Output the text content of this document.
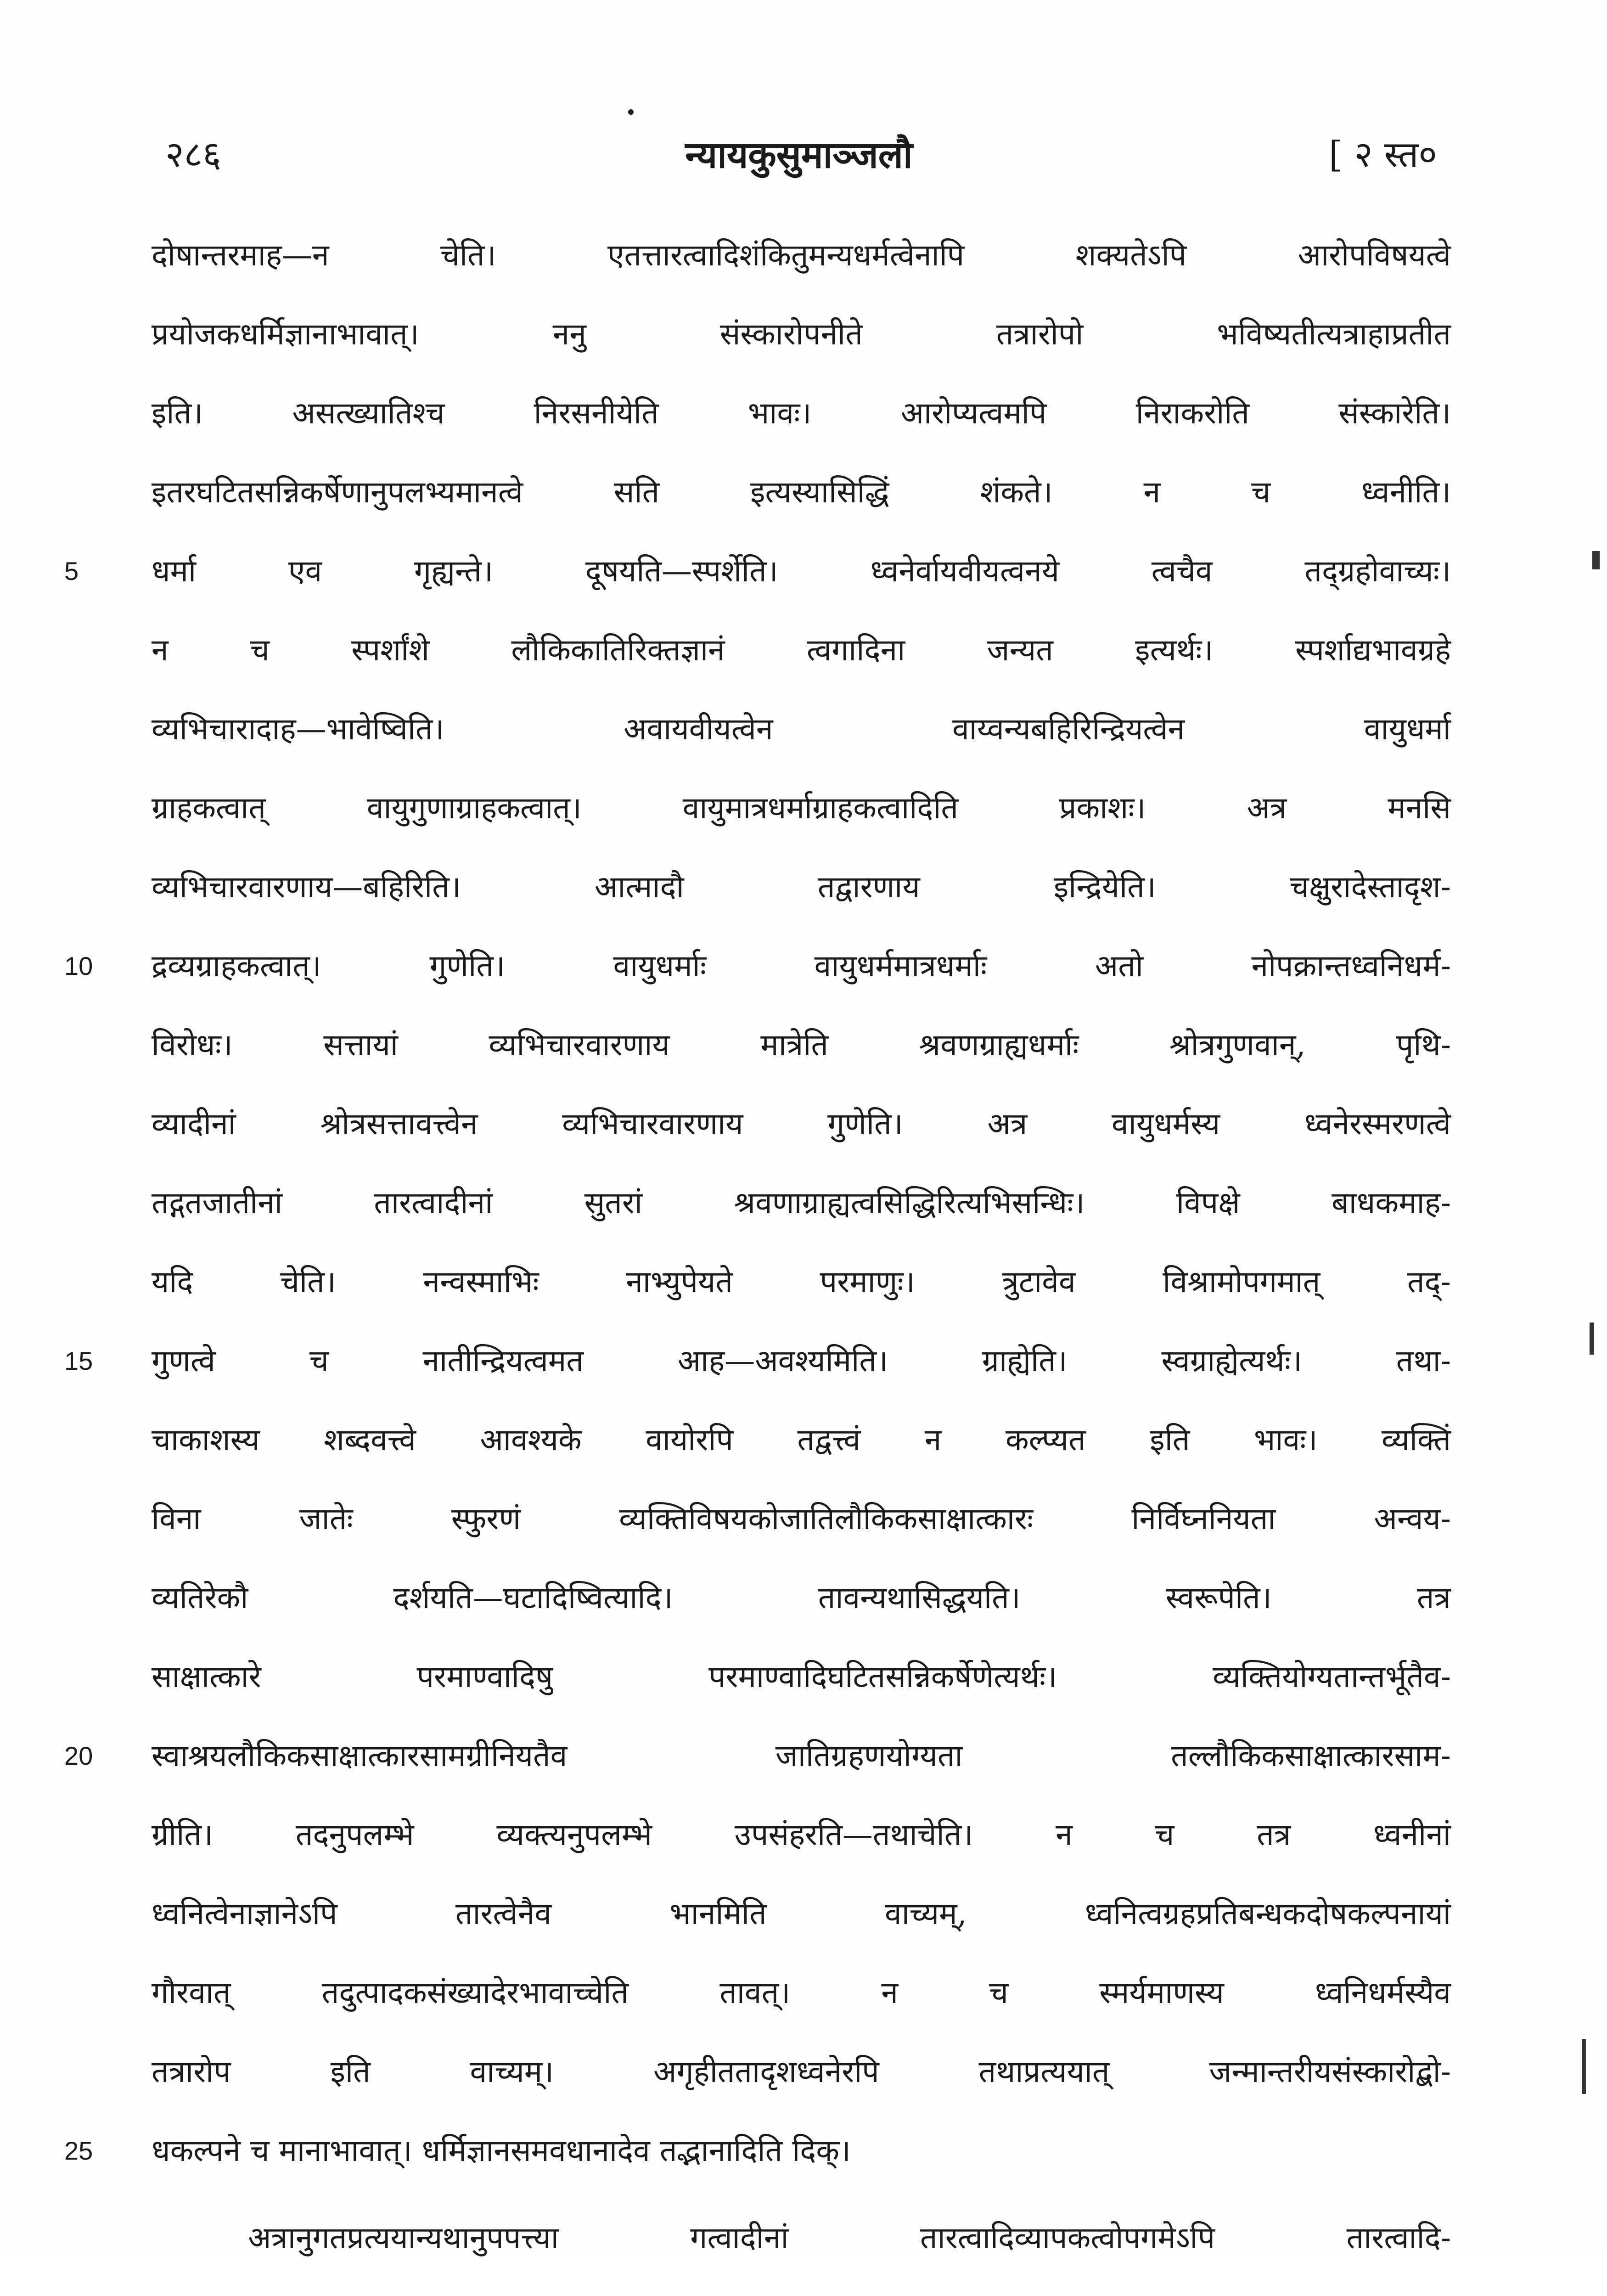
२८६	न्यायकुसुमाञ्जलौ	[ २ स्त०
दोषान्तरमाह—न चेति। एतत्तारत्वादिशंकितुमन्यधर्मत्वेनापि शक्यतेऽपि आरोपविषयत्वे
प्रयोजकधर्मिज्ञानाभावात्। ननु संस्कारोपनीते तत्रारोपो भविष्यतीत्यत्राहाप्रतीत
इति। असत्ख्यातिश्च निरसनीयेति भावः। आरोप्यत्वमपि निराकरोति संस्कारेति।
इतरघटितसन्निकर्षेणानुपलभ्यमानत्वे सति इत्यस्यासिद्धिं शंकते। न च ध्वनीति।
5	धर्मा एव गृह्यन्ते। दूषयति—स्पर्शेति। ध्वनेर्वायवीयत्वनये त्वचैव तद्ग्रहोवाच्यः।
न च स्पर्शांशे लौकिकातिरिक्तज्ञानं त्वगादिना जन्यत इत्यर्थः। स्पर्शाद्यभावग्रहे
व्यभिचारादाह—भावेष्विति। अवायवीयत्वेन वाय्वन्यबहिरिन्द्रियत्वेन वायुधर्मा
ग्राहकत्वात् वायुगुणाग्राहकत्वात्। वायुमात्रधर्माग्राहकत्वादिति प्रकाशः। अत्र मनसि
व्यभिचारवारणाय—बहिरिति। आत्मादौ तद्वारणाय इन्द्रियेति। चक्षुरादेस्तादृश-
10	द्रव्यग्राहकत्वात्। गुणेति। वायुधर्माः वायुधर्ममात्रधर्माः अतो नोपक्रान्तध्वनिधर्म-
विरोधः। सत्तायां व्यभिचारवारणाय मात्रेति श्रवणग्राह्यधर्माः श्रोत्रगुणवान्, पृथि-
व्यादीनां श्रोत्रसत्तावत्त्वेन व्यभिचारवारणाय गुणेति। अत्र वायुधर्मस्य ध्वनेरस्मरणत्वे
तद्गतजातीनां तारत्वादीनां सुतरां श्रवणाग्राह्यत्वसिद्धिरित्यभिसन्धिः। विपक्षे बाधकमाह-
यदि चेति। नन्वस्माभिः नाभ्युपेयते परमाणुः। त्रुटावेव विश्रामोपगमात् तद्-
15	गुणत्वे च नातीन्द्रियत्वमत आह—अवश्यमिति। ग्राह्येति। स्वग्राह्येत्यर्थः। तथा-
चाकाशस्य शब्दवत्त्वे आवश्यके वायोरपि तद्वत्त्वं न कल्प्यत इति भावः। व्यक्तिं
विना जातेः स्फुरणं व्यक्तिविषयकोजातिलौकिकसाक्षात्कारः निर्विघ्ननियता अन्वय-
व्यतिरेकौ दर्शयति—घटादिष्वित्यादि। तावन्यथासिद्धयति। स्वरूपेति। तत्र
साक्षात्कारे परमाण्वादिषु परमाण्वादिघटितसन्निकर्षेणेत्यर्थः। व्यक्तियोग्यतान्तर्भूतैव-
20	स्वाश्रयलौकिकसाक्षात्कारसामग्रीनियतैव जातिग्रहणयोग्यता तल्लौकिकसाक्षात्कारसाम-
ग्रीति। तदनुपलम्भे व्यक्त्यनुपलम्भे उपसंहरति—तथाचेति। न च तत्र ध्वनीनां
ध्वनित्वेनाज्ञानेऽपि तारत्वेनैव भानमिति वाच्यम्, ध्वनित्वग्रहप्रतिबन्धकदोषकल्पनायां
गौरवात् तदुत्पादकसंख्यादेरभावाच्चेति तावत्। न च स्मर्यमाणस्य ध्वनिधर्मस्यैव
तत्रारोप इति वाच्यम्। अगृहीततादृशध्वनेरपि तथाप्रत्ययात् जन्मान्तरीयसंस्कारोद्बो-
25	धकल्पने च मानाभावात्। धर्मिज्ञानसमवधानादेव तद्भानादिति दिक्।
अत्रानुगतप्रत्ययान्यथानुपपत्त्या गत्वादीनां तारत्वादिव्यापकत्वोपगमेऽपि तारत्वादि-
